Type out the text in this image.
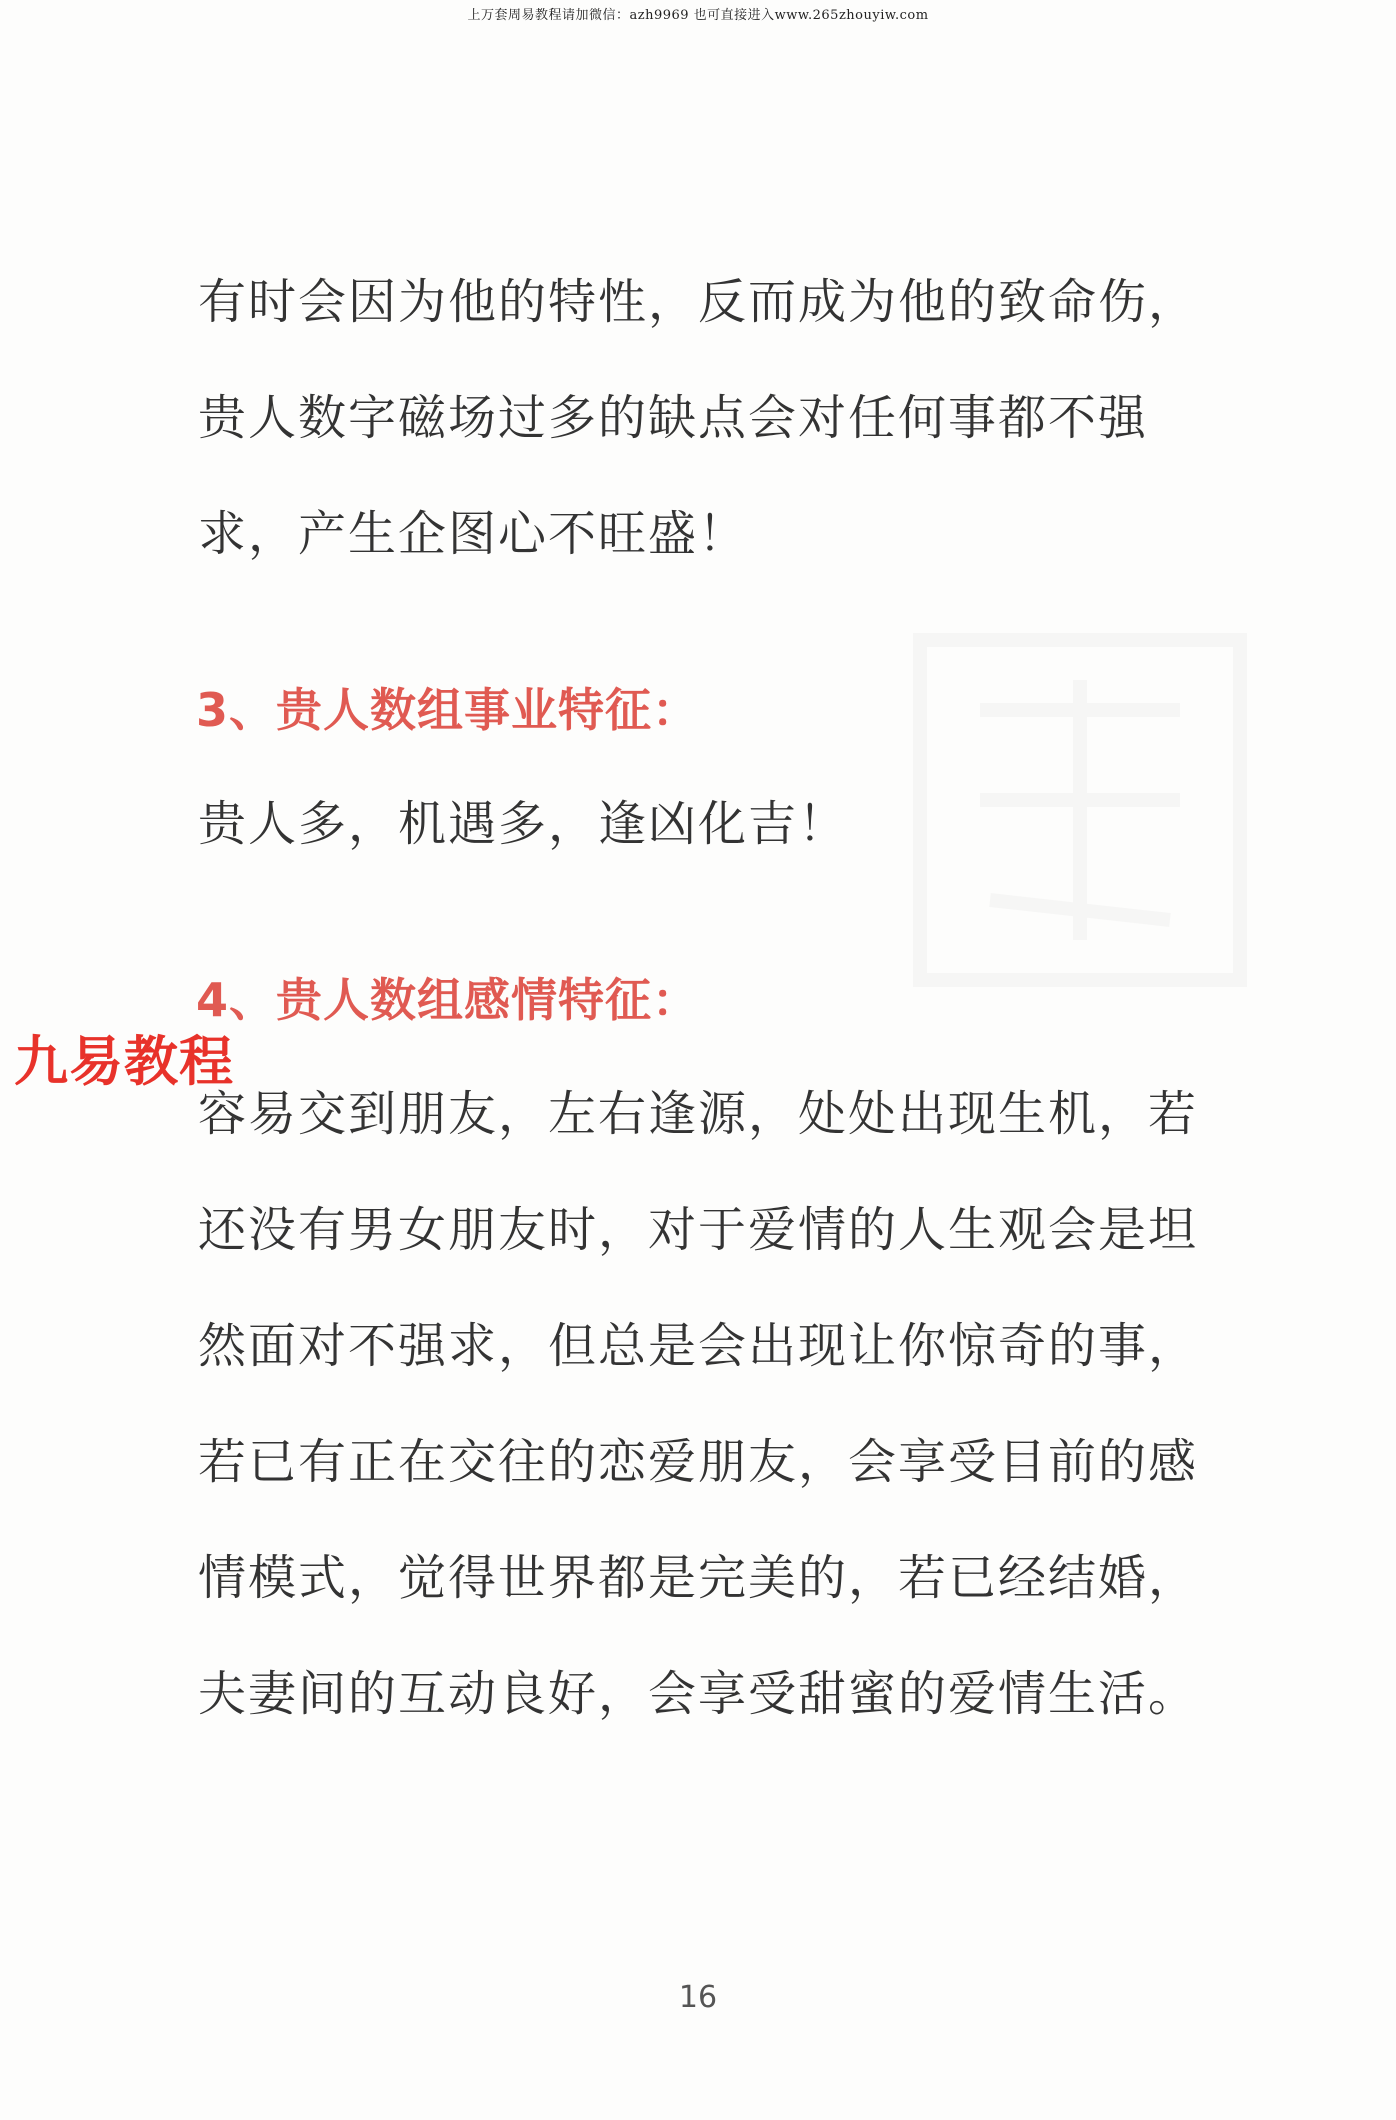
上万套周易教程请加微信：azh9969 也可直接进入www.265zhouyiw.com
有时会因为他的特性，反而成为他的致命伤，
贵人数字磁场过多的缺点会对任何事都不强
求，产生企图心不旺盛！
3、贵人数组事业特征：
贵人多，机遇多，逢凶化吉！
4、贵人数组感情特征：
九易教程
容易交到朋友，左右逢源，处处出现生机，若
还没有男女朋友时，对于爱情的人生观会是坦
然面对不强求，但总是会出现让你惊奇的事，
若已有正在交往的恋爱朋友，会享受目前的感
情模式，觉得世界都是完美的，若已经结婚，
夫妻间的互动良好，会享受甜蜜的爱情生活。
16
